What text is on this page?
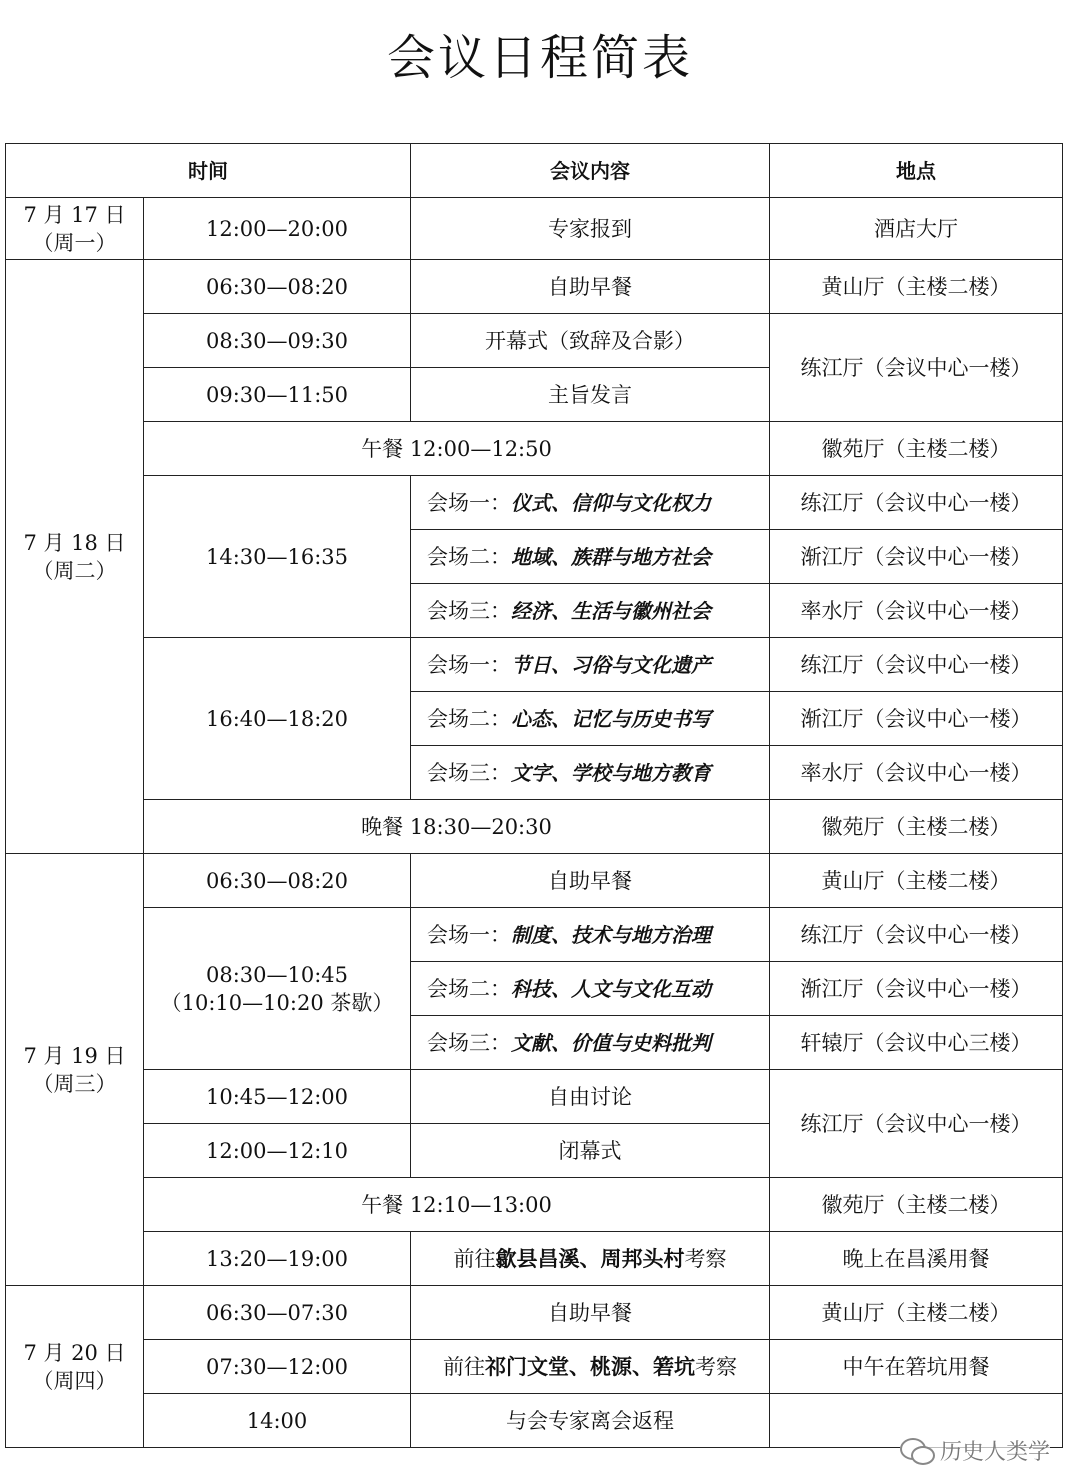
会议日程简表
时间		会议内容	地点

7 月 17 日
（周一）	12:00—20:00	专家报到	酒店大厅

7 月 18 日
（周二）	06:30—08:20	自助早餐	黄山厅（主楼二楼）
	08:30—09:30	开幕式（致辞及合影）	练江厅（会议中心一楼）
	09:30—11:50	主旨发言	
	午餐 12:00—12:50		徽苑厅（主楼二楼）
	14:30—16:35	会场一：仪式、信仰与文化权力	练江厅（会议中心一楼）
		会场二：地域、族群与地方社会	渐江厅（会议中心一楼）
		会场三：经济、生活与徽州社会	率水厅（会议中心一楼）
	16:40—18:20	会场一：节日、习俗与文化遗产	练江厅（会议中心一楼）
		会场二：心态、记忆与历史书写	渐江厅（会议中心一楼）
		会场三：文字、学校与地方教育	率水厅（会议中心一楼）
	晚餐 18:30—20:30		徽苑厅（主楼二楼）

7 月 19 日
（周三）	06:30—08:20	自助早餐	黄山厅（主楼二楼）

	08:30—10:45
（10:10—10:20 茶歇）	会场一：制度、技术与地方治理	练江厅（会议中心一楼）
		会场二：科技、人文与文化互动	渐江厅（会议中心一楼）
		会场三：文献、价值与史料批判	轩辕厅（会议中心三楼）
	10:45—12:00	自由讨论	练江厅（会议中心一楼）
	12:00—12:10	闭幕式	
	午餐 12:10—13:00		徽苑厅（主楼二楼）
	13:20—19:00	前往歙县昌溪、周邦头村考察	晚上在昌溪用餐

7 月 20 日
（周四）	06:30—07:30	自助早餐	黄山厅（主楼二楼）
	07:30—12:00	前往祁门文堂、桃源、箬坑考察	中午在箬坑用餐
	14:00	与会专家离会返程	
历史人类学
